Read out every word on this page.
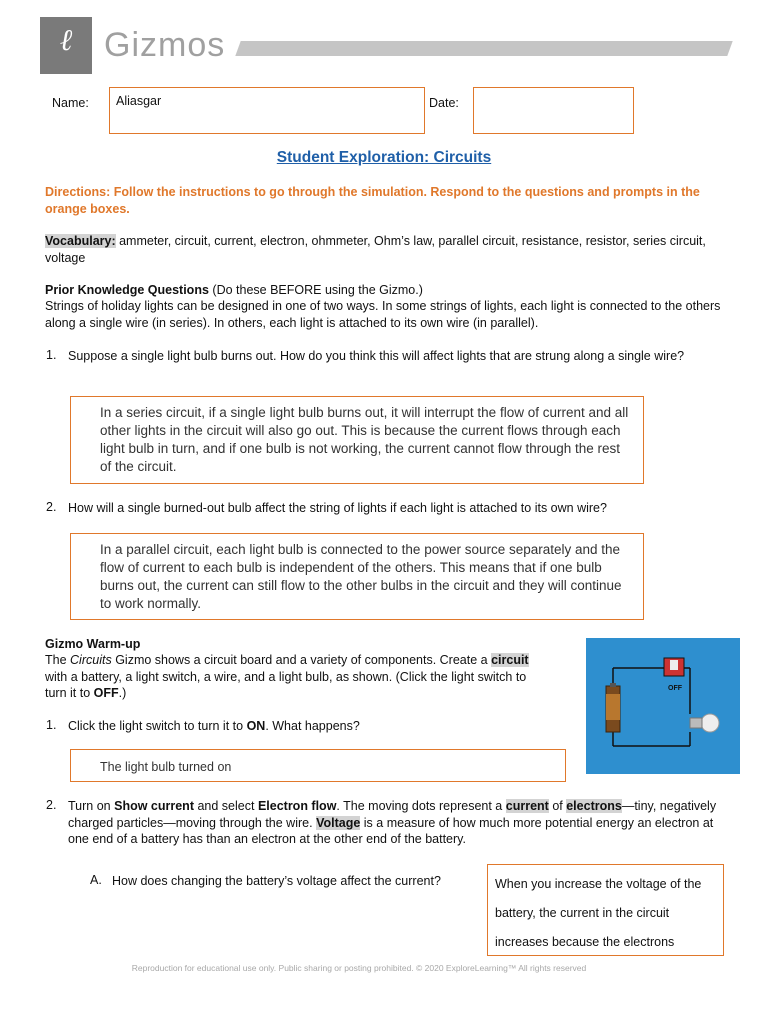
ℓ Gizmos
Name: Aliasgar	Date:
Student Exploration: Circuits
Directions: Follow the instructions to go through the simulation. Respond to the questions and prompts in the orange boxes.
Vocabulary: ammeter, circuit, current, electron, ohmmeter, Ohm’s law, parallel circuit, resistance, resistor, series circuit, voltage
Prior Knowledge Questions (Do these BEFORE using the Gizmo.)
Strings of holiday lights can be designed in one of two ways. In some strings of lights, each light is connected to the others along a single wire (in series). In others, each light is attached to its own wire (in parallel).
1. Suppose a single light bulb burns out. How do you think this will affect lights that are strung along a single wire?
In a series circuit, if a single light bulb burns out, it will interrupt the flow of current and all other lights in the circuit will also go out. This is because the current flows through each light bulb in turn, and if one bulb is not working, the current cannot flow through the rest of the circuit.
2. How will a single burned-out bulb affect the string of lights if each light is attached to its own wire?
In a parallel circuit, each light bulb is connected to the power source separately and the flow of current to each bulb is independent of the others. This means that if one bulb burns out, the current can still flow to the other bulbs in the circuit and they will continue to work normally.
Gizmo Warm-up
The Circuits Gizmo shows a circuit board and a variety of components. Create a circuit with a battery, a light switch, a wire, and a light bulb, as shown. (Click the light switch to turn it to OFF.)	OFF
1. Click the light switch to turn it to ON. What happens?
The light bulb turned on
2. Turn on Show current and select Electron flow. The moving dots represent a current of electrons—tiny, negatively charged particles—moving through the wire. Voltage is a measure of how much more potential energy an electron at one end of a battery has than an electron at the other end of the battery.
A. How does changing the battery’s voltage affect the current?	When you increase the voltage of the battery, the current in the circuit increases because the electrons
Reproduction for educational use only. Public sharing or posting prohibited. © 2020 ExploreLearning™ All rights reserved
